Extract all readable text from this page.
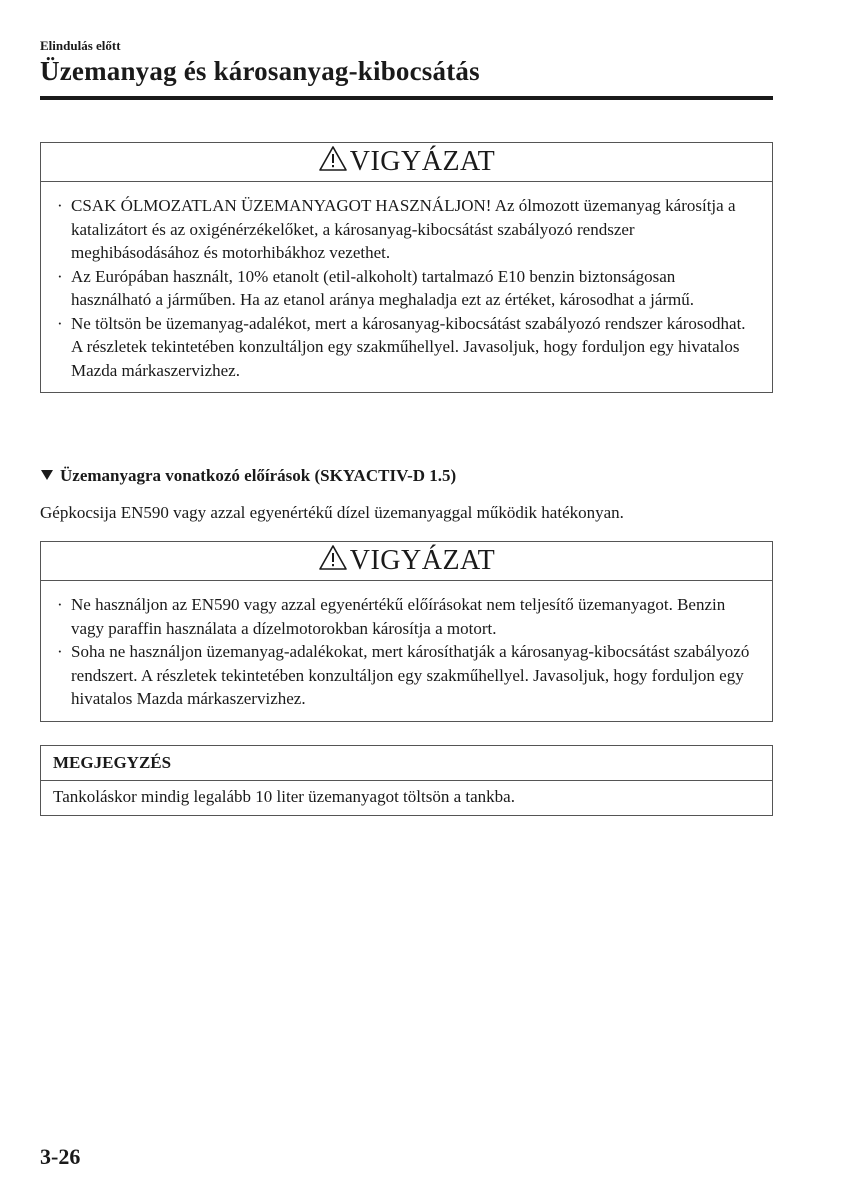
Elindulás előtt
Üzemanyag és károsanyag-kibocsátás
VIGYÁZAT
· CSAK ÓLMOZATLAN ÜZEMANYAGOT HASZNÁLJON! Az ólmozott üzemanyag károsítja a katalizátort és az oxigénérzékelőket, a károsanyag-kibocsátást szabályozó rendszer meghibásodásához és motorhibákhoz vezethet.
· Az Európában használt, 10% etanolt (etil-alkoholt) tartalmazó E10 benzin biztonságosan használható a járműben. Ha az etanol aránya meghaladja ezt az értéket, károsodhat a jármű.
· Ne töltsön be üzemanyag-adalékot, mert a károsanyag-kibocsátást szabályozó rendszer károsodhat. A részletek tekintetében konzultáljon egy szakműhellyel. Javasoljuk, hogy forduljon egy hivatalos Mazda márkaszervizhez.
Üzemanyagra vonatkozó előírások (SKYACTIV-D 1.5)
Gépkocsija EN590 vagy azzal egyenértékű dízel üzemanyaggal működik hatékonyan.
VIGYÁZAT
· Ne használjon az EN590 vagy azzal egyenértékű előírásokat nem teljesítő üzemanyagot. Benzin vagy paraffin használata a dízelmotorokban károsítja a motort.
· Soha ne használjon üzemanyag-adalékokat, mert károsíthatják a károsanyag-kibocsátást szabályozó rendszert. A részletek tekintetében konzultáljon egy szakműhellyel. Javasoljuk, hogy forduljon egy hivatalos Mazda márkaszervizhez.
MEGJEGYZÉS
Tankoláskor mindig legalább 10 liter üzemanyagot töltsön a tankba.
3-26
